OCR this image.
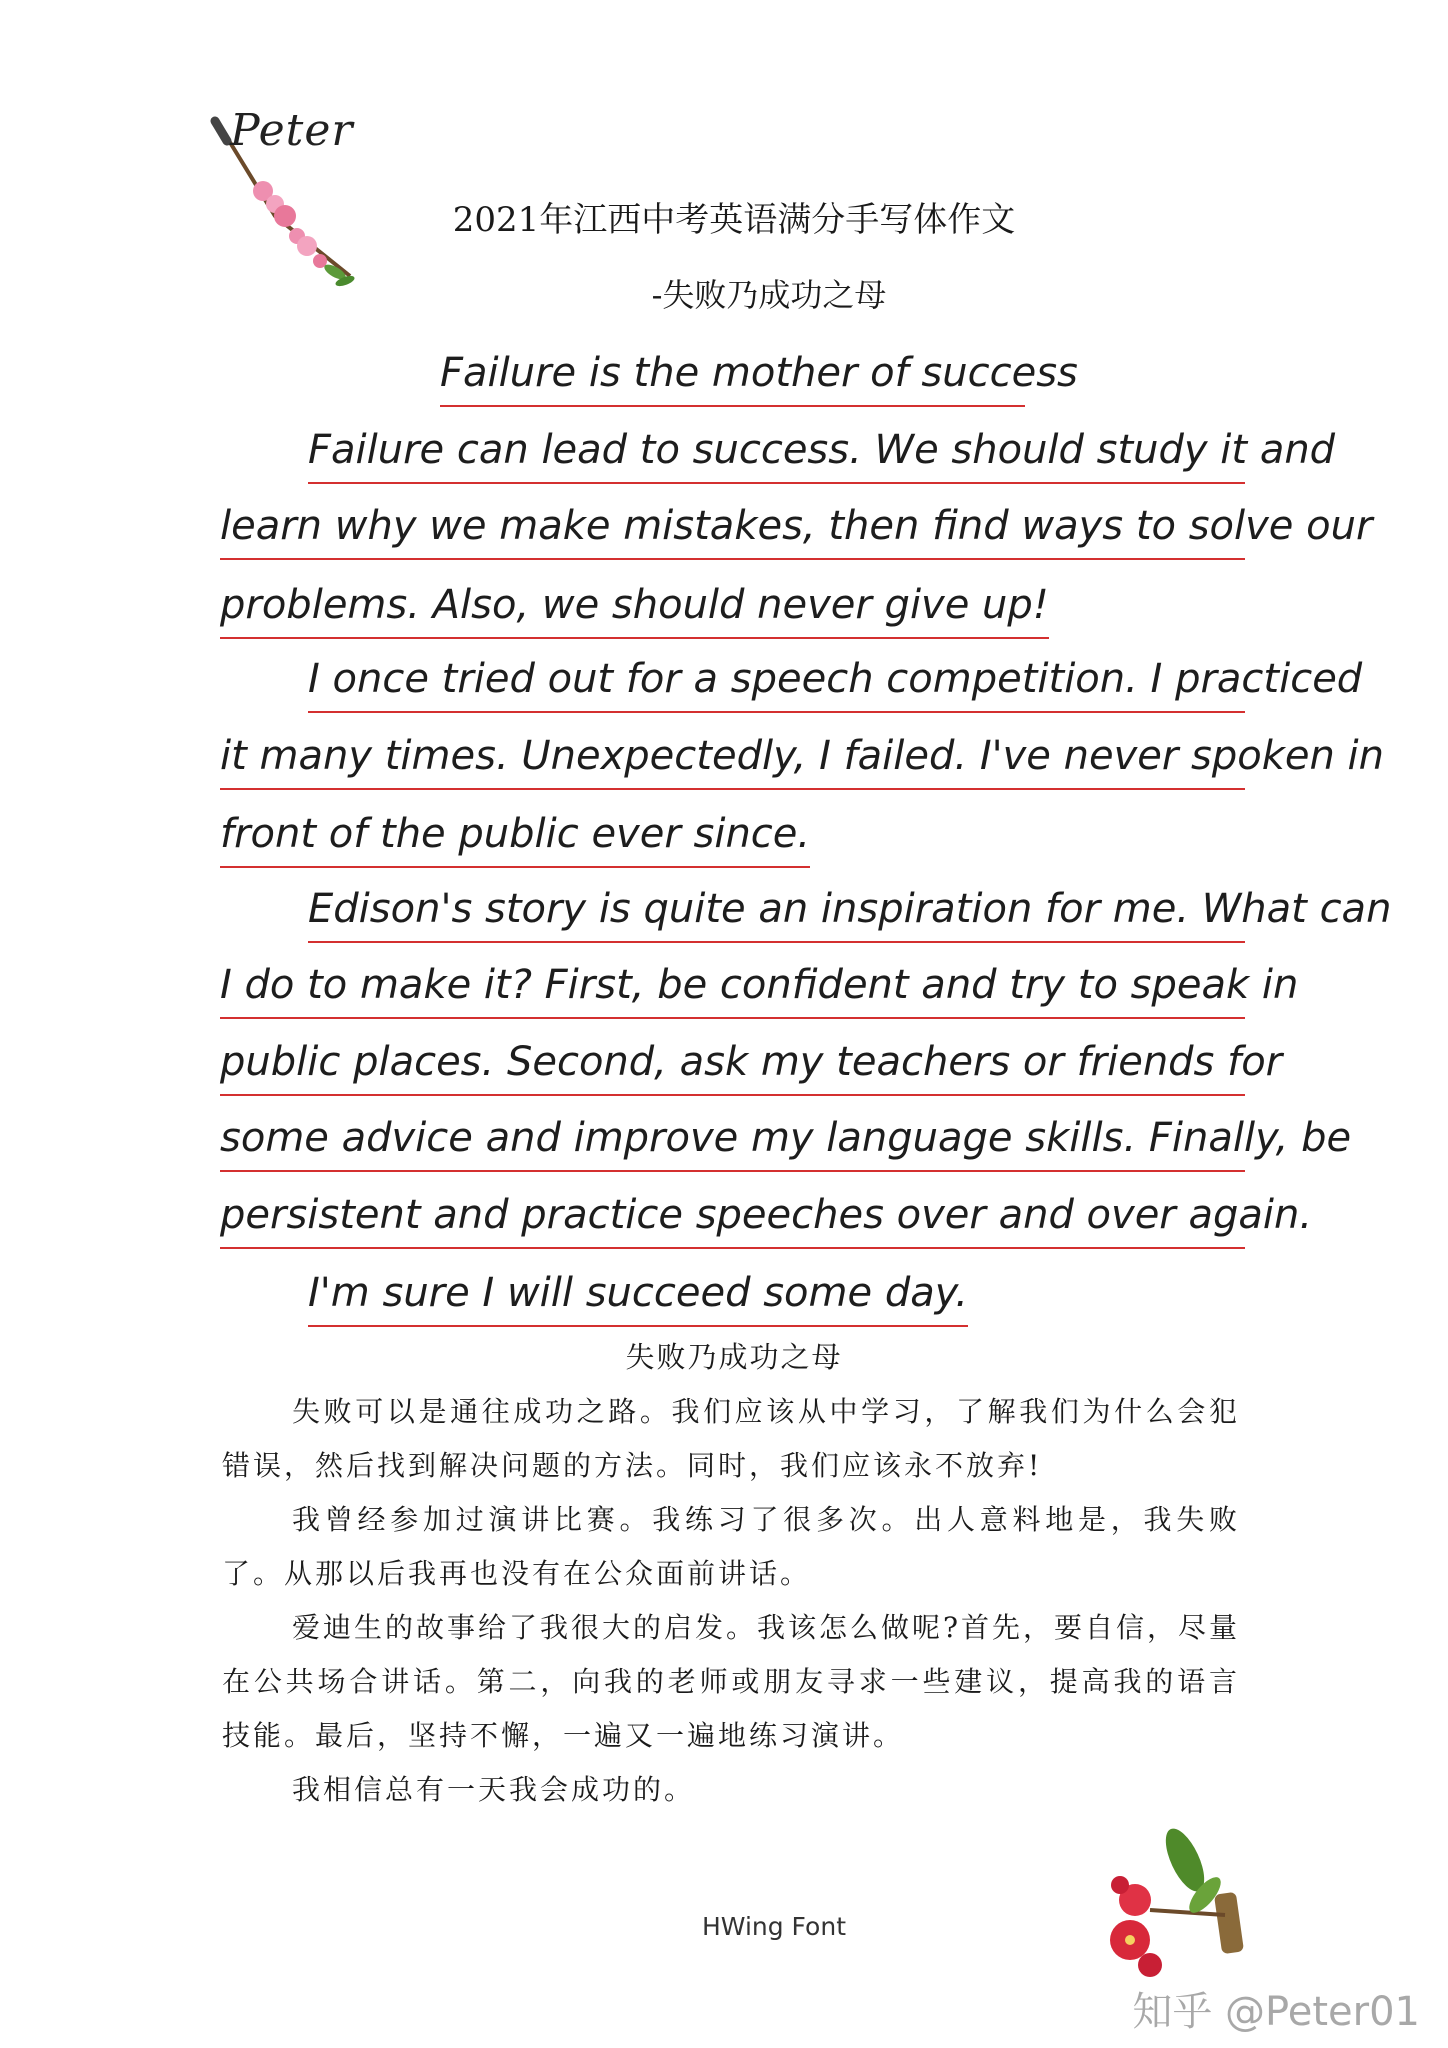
Peter
2021年江西中考英语满分手写体作文
-失败乃成功之母
Failure is the mother of success
Failure can lead to success. We should study it and
learn why we make mistakes, then find ways to solve our
problems. Also, we should never give up!
I once tried out for a speech competition. I practiced
it many times. Unexpectedly, I failed. I've never spoken in
front of the public ever since.
Edison's story is quite an inspiration for me. What can
I do to make it? First, be confident and try to speak in
public places. Second, ask my teachers or friends for
some advice and improve my language skills. Finally, be
persistent and practice speeches over and over again.
I'm sure I will succeed some day.
失败乃成功之母

失败可以是通往成功之路。我们应该从中学习，了解我们为什么会犯错误，然后找到解决问题的方法。同时，我们应该永不放弃!

我曾经参加过演讲比赛。我练习了很多次。出人意料地是，我失败了。从那以后我再也没有在公众面前讲话。

爱迪生的故事给了我很大的启发。我该怎么做呢?首先，要自信，尽量在公共场合讲话。第二，向我的老师或朋友寻求一些建议，提高我的语言技能。最后，坚持不懈，一遍又一遍地练习演讲。

我相信总有一天我会成功的。

HWing Font
知乎 @Peter01
